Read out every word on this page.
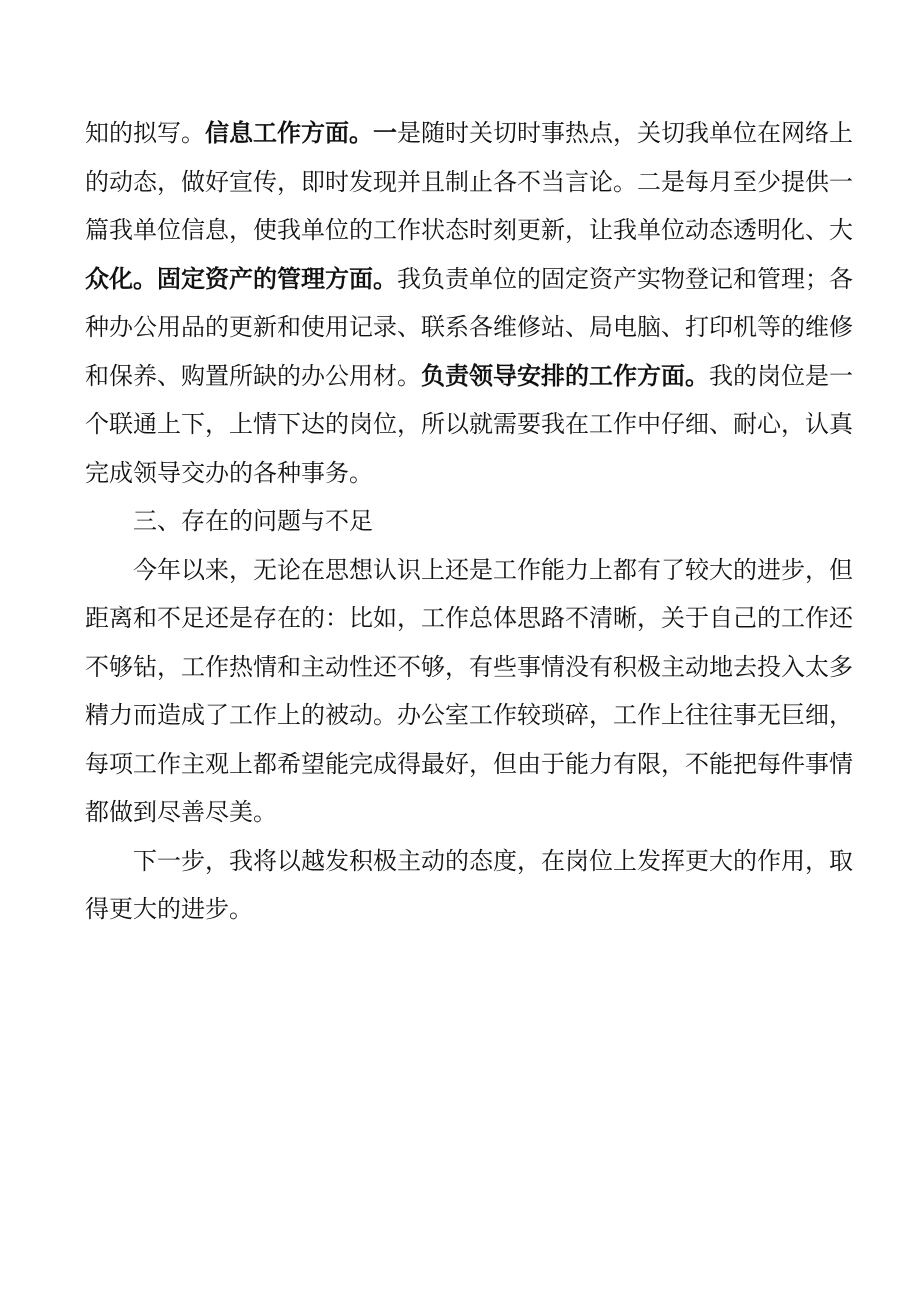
知的拟写。信息工作方面。一是随时关切时事热点，关切我单位在网络上
的动态，做好宣传，即时发现并且制止各不当言论。二是每月至少提供一
篇我单位信息，使我单位的工作状态时刻更新，让我单位动态透明化、大
众化。固定资产的管理方面。我负责单位的固定资产实物登记和管理；各
种办公用品的更新和使用记录、联系各维修站、局电脑、打印机等的维修
和保养、购置所缺的办公用材。负责领导安排的工作方面。我的岗位是一
个联通上下，上情下达的岗位，所以就需要我在工作中仔细、耐心，认真
完成领导交办的各种事务。
三、存在的问题与不足
今年以来，无论在思想认识上还是工作能力上都有了较大的进步，但
距离和不足还是存在的：比如，工作总体思路不清晰，关于自己的工作还
不够钻，工作热情和主动性还不够，有些事情没有积极主动地去投入太多
精力而造成了工作上的被动。办公室工作较琐碎，工作上往往事无巨细，
每项工作主观上都希望能完成得最好，但由于能力有限，不能把每件事情
都做到尽善尽美。
下一步，我将以越发积极主动的态度，在岗位上发挥更大的作用，取
得更大的进步。
